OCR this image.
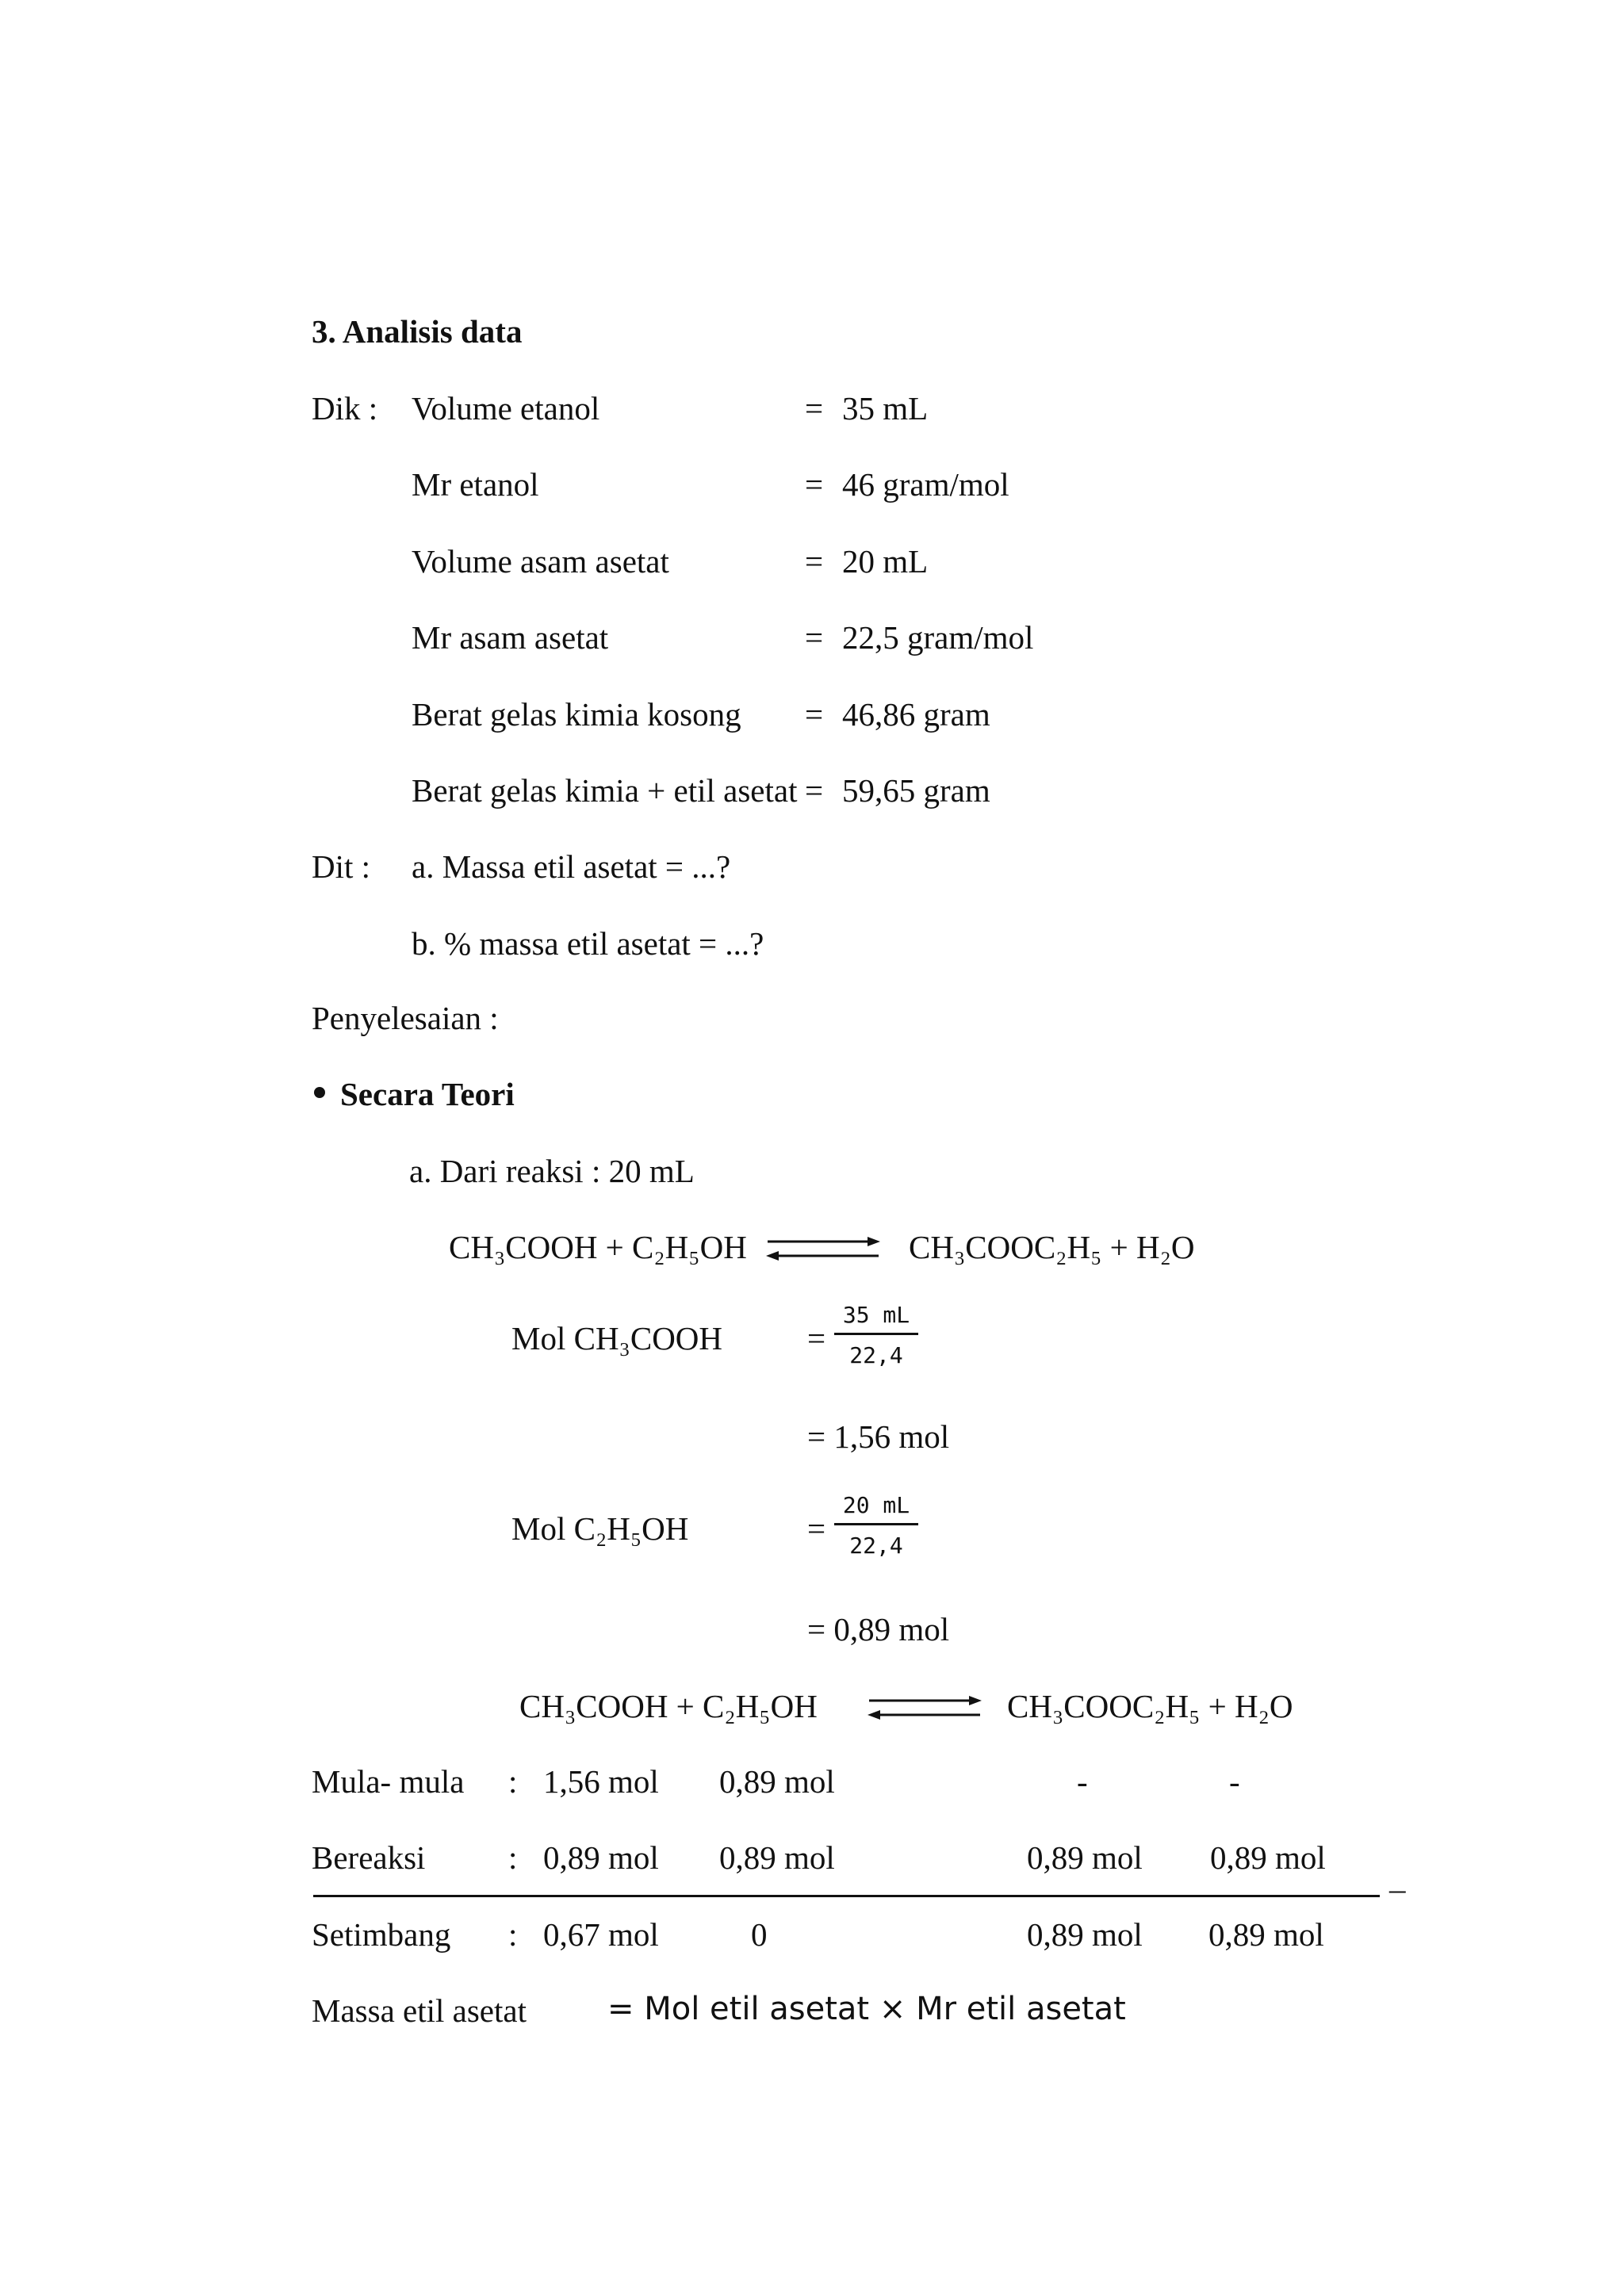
3. Analisis data
Dik : Volume etanol	= 35 mL
Mr etanol	= 46 gram/mol
Volume asam asetat	= 20 mL
Mr asam asetat	= 22,5 gram/mol
Berat gelas kimia kosong = 46,86 gram
Berat gelas kimia + etil asetat = 59,65 gram
Dit : a. Massa etil asetat = ...?
b. % massa etil asetat = ...?
Penyelesaian :
Secara Teori
a. Dari reaksi : 20 mL
CH₃COOH + C₂H₅OH ⇌ CH₃COOC₂H₅ + H₂O
Mol CH₃COOH	= $\frac{35 mL}{22,4}$
= 1,56 mol
Mol C₂H₅OH	= $\frac{20 mL}{22,4}$
= 0,89 mol
CH₃COOH + C₂H₅OH ⇌ CH₃COOC₂H₅ + H₂O
Mula- mula : 1,56 mol 0,89 mol	-	-
Bereaksi	: 0,89 mol 0,89 mol	0,89 mol 0,89 mol
–
Setimbang : 0,67 mol	0	0,89 mol 0,89 mol
Massa etil asetat	= Mol etil asetat × Mr etil asetat
